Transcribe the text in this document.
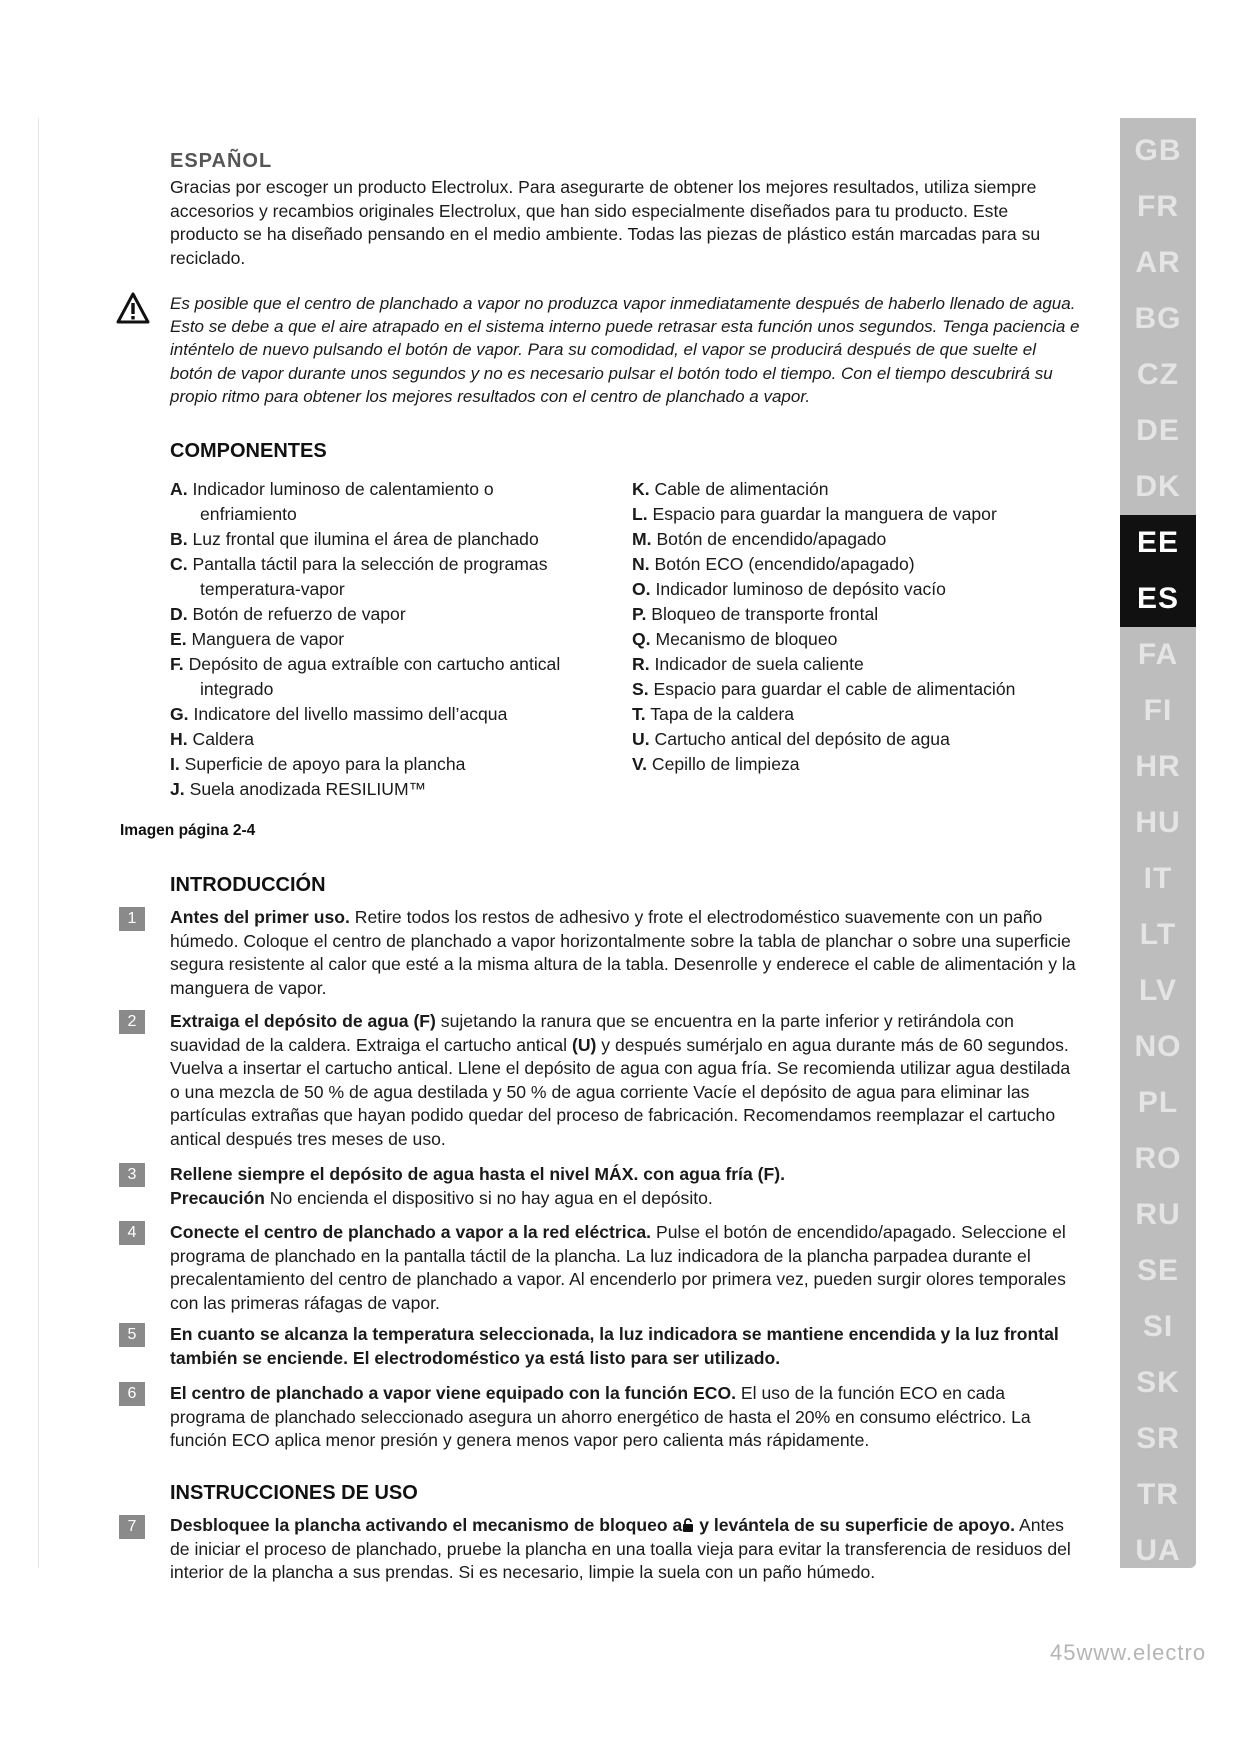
ESPAÑOL
Gracias por escoger un producto Electrolux. Para asegurarte de obtener los mejores resultados, utiliza siempre accesorios y recambios originales Electrolux, que han sido especialmente diseñados para tu producto. Este producto se ha diseñado pensando en el medio ambiente. Todas las piezas de plástico están marcadas para su reciclado.
Es posible que el centro de planchado a vapor no produzca vapor inmediatamente después de haberlo llenado de agua. Esto se debe a que el aire atrapado en el sistema interno puede retrasar esta función unos segundos. Tenga paciencia e inténtelo de nuevo pulsando el botón de vapor. Para su comodidad, el vapor se producirá después de que suelte el botón de vapor durante unos segundos y no es necesario pulsar el botón todo el tiempo. Con el tiempo descubrirá su propio ritmo para obtener los mejores resultados con el centro de planchado a vapor.
COMPONENTES
A. Indicador luminoso de calentamiento o
enfriamiento
B. Luz frontal que ilumina el área de planchado
C. Pantalla táctil para la selección de programas
temperatura-vapor
D. Botón de refuerzo de vapor
E. Manguera de vapor
F. Depósito de agua extraíble con cartucho antical
integrado
G. Indicatore del livello massimo dell’acqua
H. Caldera
I. Superficie de apoyo para la plancha
J. Suela anodizada RESILIUM™
K. Cable de alimentación
L. Espacio para guardar la manguera de vapor
M. Botón de encendido/apagado
N. Botón ECO (encendido/apagado)
O. Indicador luminoso de depósito vacío
P. Bloqueo de transporte frontal
Q. Mecanismo de bloqueo
R. Indicador de suela caliente
S. Espacio para guardar el cable de alimentación
T. Tapa de la caldera
U. Cartucho antical del depósito de agua
V. Cepillo de limpieza
Imagen página 2-4
INTRODUCCIÓN
1	Antes del primer uso. Retire todos los restos de adhesivo y frote el electrodoméstico suavemente con un paño húmedo. Coloque el centro de planchado a vapor horizontalmente sobre la tabla de planchar o sobre una superficie segura resistente al calor que esté a la misma altura de la tabla. Desenrolle y enderece el cable de alimentación y la manguera de vapor.
2	Extraiga el depósito de agua (F) sujetando la ranura que se encuentra en la parte inferior y retirándola con suavidad de la caldera. Extraiga el cartucho antical (U) y después sumérjalo en agua durante más de 60 segundos. Vuelva a insertar el cartucho antical. Llene el depósito de agua con agua fría. Se recomienda utilizar agua destilada o una mezcla de 50 % de agua destilada y 50 % de agua corriente Vacíe el depósito de agua para eliminar las partículas extrañas que hayan podido quedar del proceso de fabricación. Recomendamos reemplazar el cartucho antical después tres meses de uso.
3	Rellene siempre el depósito de agua hasta el nivel MÁX. con agua fría (F).
Precaución No encienda el dispositivo si no hay agua en el depósito.
4	Conecte el centro de planchado a vapor a la red eléctrica. Pulse el botón de encendido/apagado. Seleccione el programa de planchado en la pantalla táctil de la plancha. La luz indicadora de la plancha parpadea durante el precalentamiento del centro de planchado a vapor. Al encenderlo por primera vez, pueden surgir olores temporales con las primeras ráfagas de vapor.
5	En cuanto se alcanza la temperatura seleccionada, la luz indicadora se mantiene encendida y la luz frontal también se enciende. El electrodoméstico ya está listo para ser utilizado.
6	El centro de planchado a vapor viene equipado con la función ECO. El uso de la función ECO en cada programa de planchado seleccionado asegura un ahorro energético de hasta el 20% en consumo eléctrico. La función ECO aplica menor presión y genera menos vapor pero calienta más rápidamente.
INSTRUCCIONES DE USO
7	Desbloquee la plancha activando el mecanismo de bloqueo a y levántela de su superficie de apoyo. Antes de iniciar el proceso de planchado, pruebe la plancha en una toalla vieja para evitar la transferencia de residuos del interior de la plancha a sus prendas. Si es necesario, limpie la suela con un paño húmedo.
GB
FR
AR
BG
CZ
DE
DK
EE
ES
FA
FI
HR
HU
IT
LT
LV
NO
PL
RO
RU
SE
SI
SK
SR
TR
UA
45www.electro
